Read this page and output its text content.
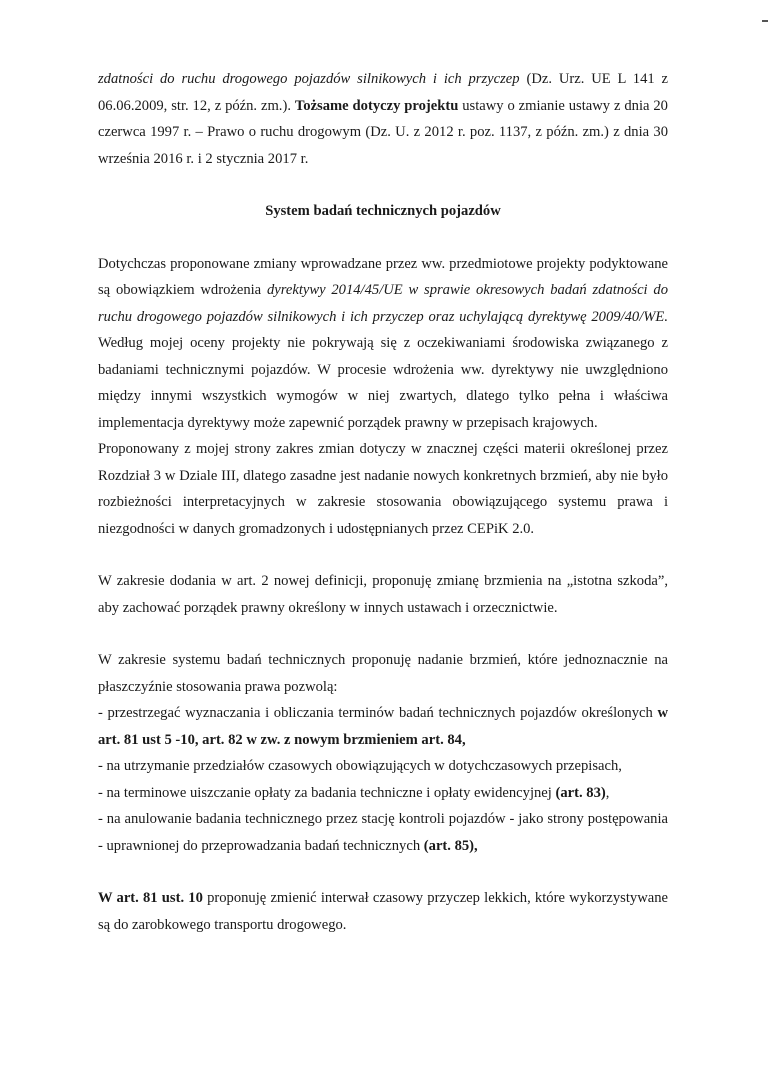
zdatności do ruchu drogowego pojazdów silnikowych i ich przyczep (Dz. Urz. UE L 141 z 06.06.2009, str. 12, z późn. zm.). Tożsame dotyczy projektu ustawy o zmianie ustawy z dnia 20 czerwca 1997 r. – Prawo o ruchu drogowym (Dz. U. z 2012 r. poz. 1137, z późn. zm.) z dnia 30 września 2016 r. i 2 stycznia 2017 r.

System badań technicznych pojazdów

Dotychczas proponowane zmiany wprowadzane przez ww. przedmiotowe projekty podyktowane są obowiązkiem wdrożenia dyrektywy 2014/45/UE w sprawie okresowych badań zdatności do ruchu drogowego pojazdów silnikowych i ich przyczep oraz uchylającą dyrektywę 2009/40/WE. Według mojej oceny projekty nie pokrywają się z oczekiwaniami środowiska związanego z badaniami technicznymi pojazdów. W procesie wdrożenia ww. dyrektywy nie uwzględniono między innymi wszystkich wymogów w niej zwartych, dlatego tylko pełna i właściwa implementacja dyrektywy może zapewnić porządek prawny w przepisach krajowych.

Proponowany z mojej strony zakres zmian dotyczy w znacznej części materii określonej przez Rozdział 3 w Dziale III, dlatego zasadne jest nadanie nowych konkretnych brzmień, aby nie było rozbieżności interpretacyjnych w zakresie stosowania obowiązującego systemu prawa i niezgodności w danych gromadzonych i udostępnianych przez CEPiK 2.0.

W zakresie dodania w art. 2 nowej definicji, proponuję zmianę brzmienia na „istotna szkoda”, aby zachować porządek prawny określony w innych ustawach i orzecznictwie.

W zakresie systemu badań technicznych proponuję nadanie brzmień, które jednoznacznie na płaszczyźnie stosowania prawa pozwolą:

- przestrzegać wyznaczania i obliczania terminów badań technicznych pojazdów określonych w art. 81 ust 5 -10, art. 82 w zw. z nowym brzmieniem art. 84,

- na utrzymanie przedziałów czasowych obowiązujących w dotychczasowych przepisach,

- na terminowe uiszczanie opłaty za badania techniczne i opłaty ewidencyjnej (art. 83),

- na anulowanie badania technicznego przez stację kontroli pojazdów - jako strony postępowania - uprawnionej do przeprowadzania badań technicznych (art. 85),

W art. 81 ust. 10 proponuję zmienić interwał czasowy przyczep lekkich, które wykorzystywane są do zarobkowego transportu drogowego.
